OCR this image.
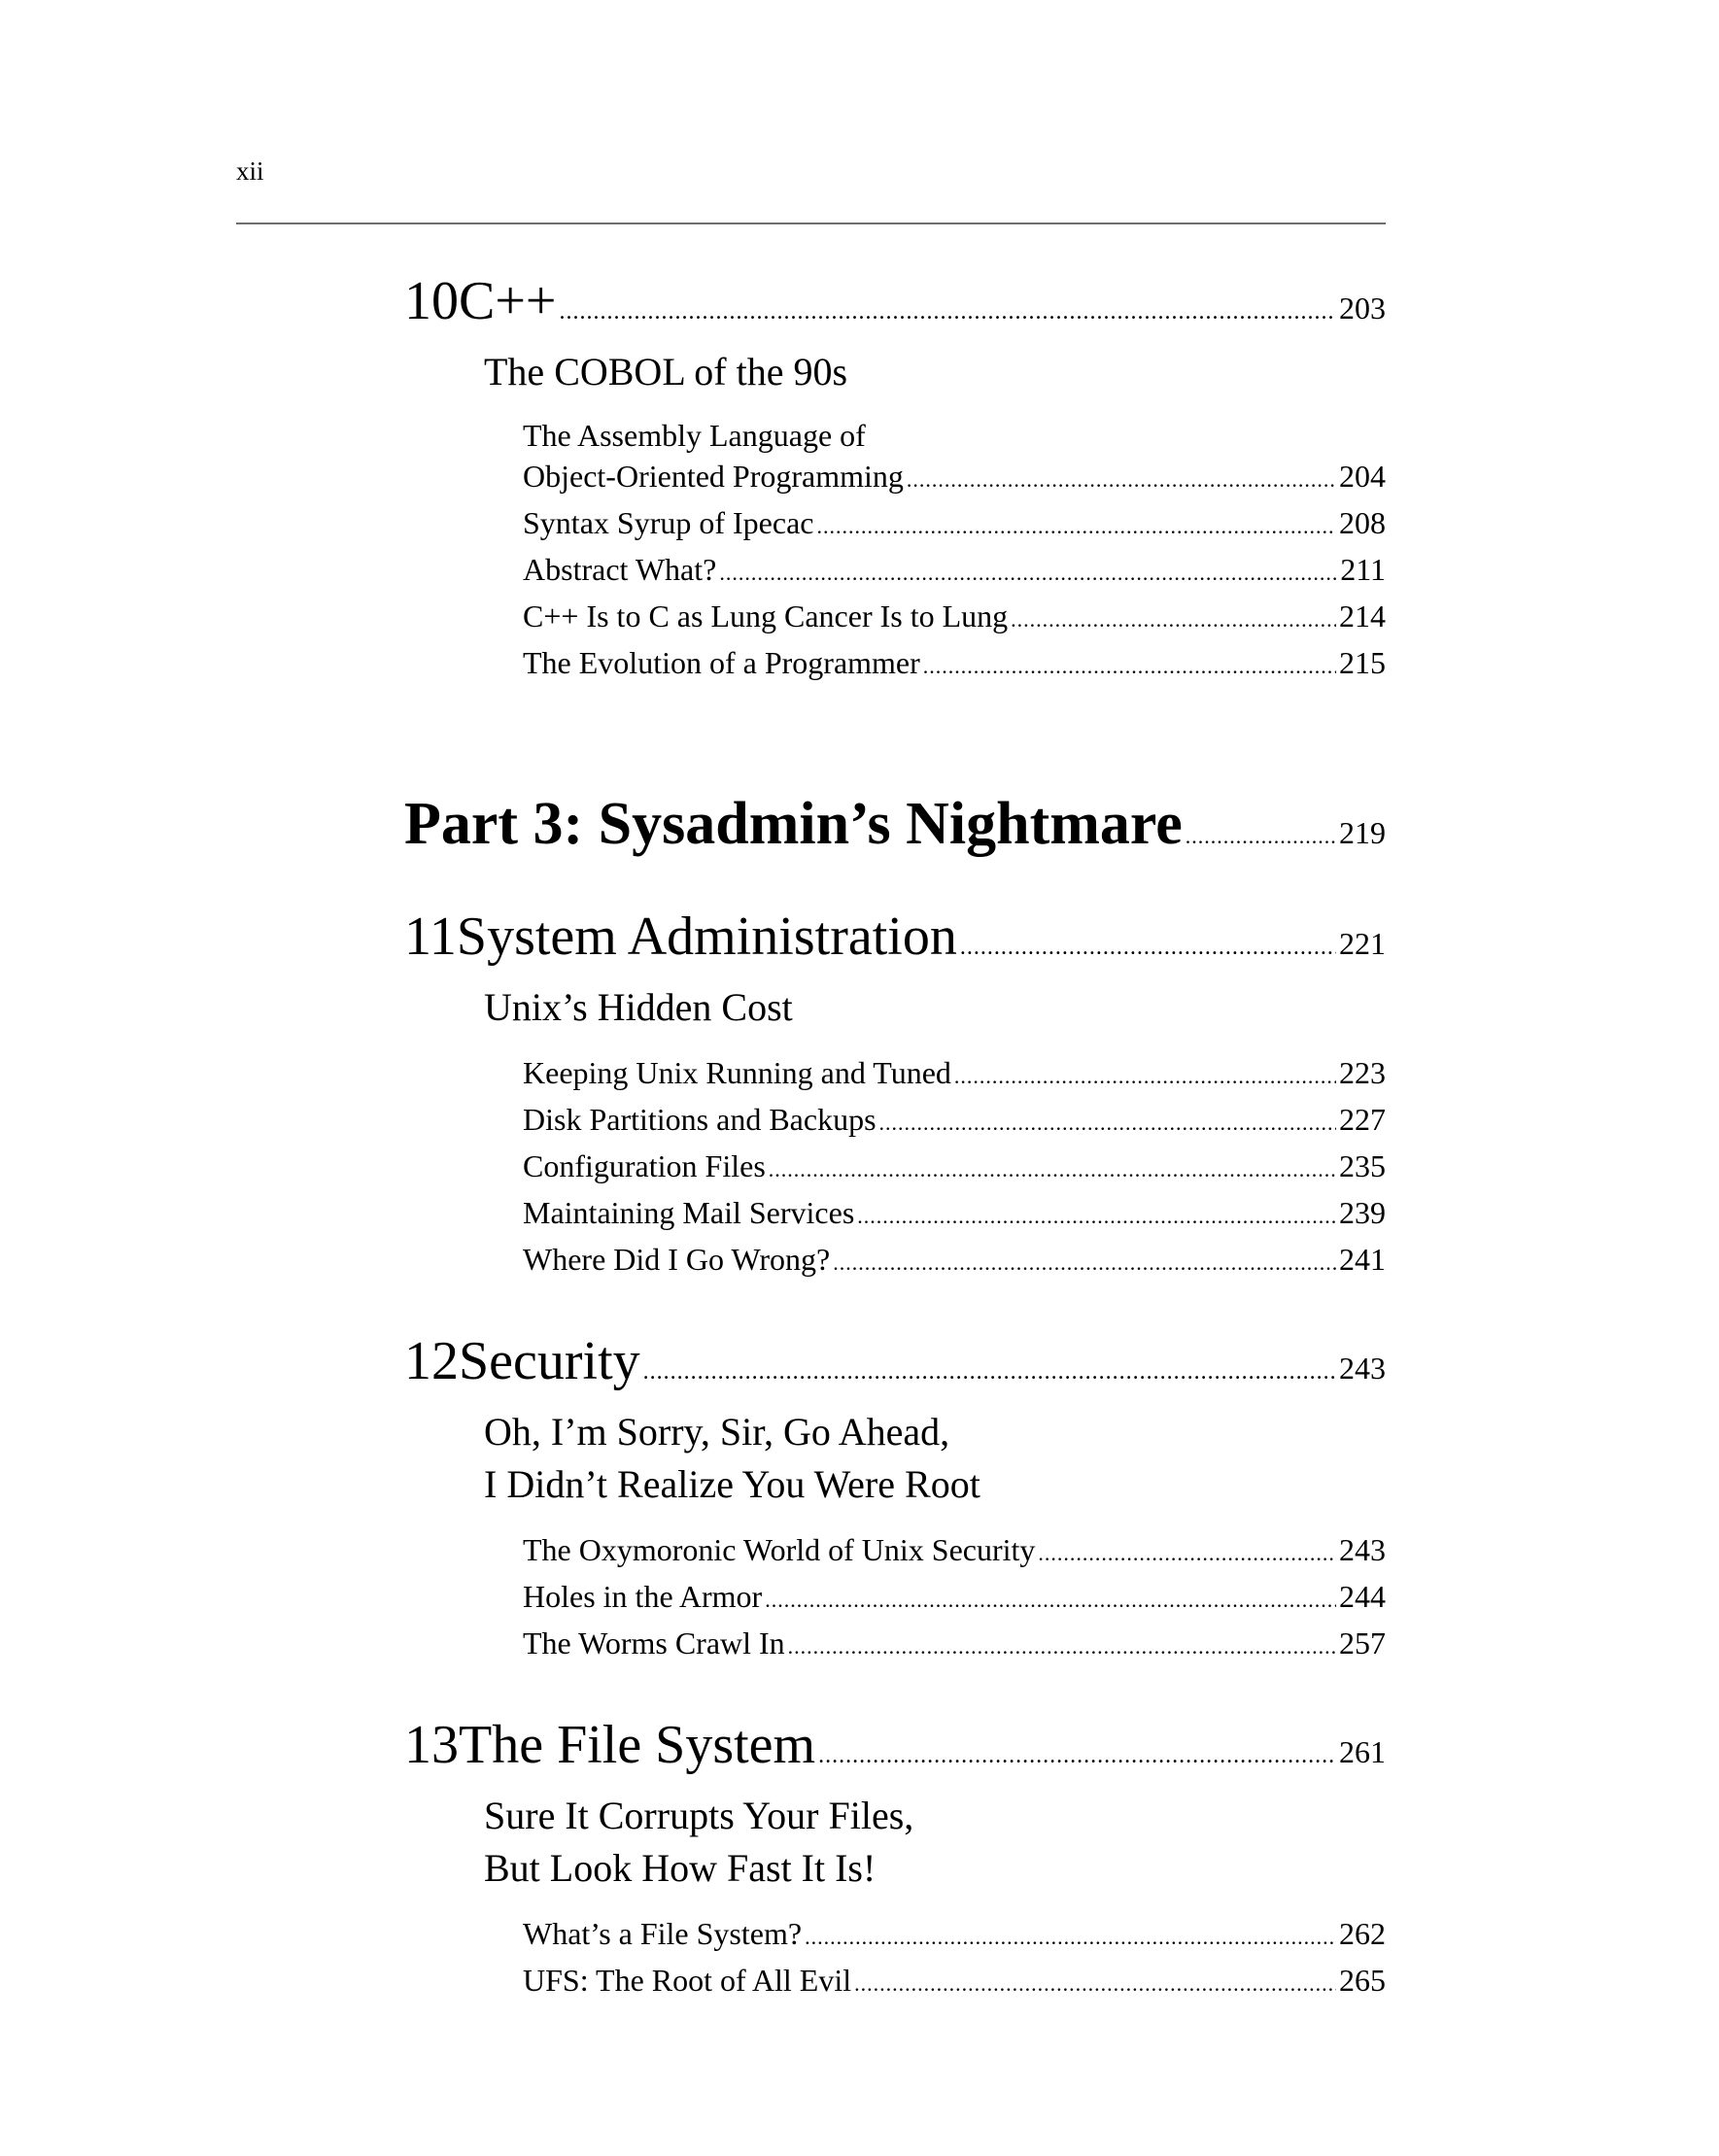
xii
10 C++ .....	203
The COBOL of the 90s
The Assembly Language of
Object-Oriented Programming .....	204
Syntax Syrup of Ipecac .....	208
Abstract What? .....	211
C++ Is to C as Lung Cancer Is to Lung .....	214
The Evolution of a Programmer .....	215
Part 3: Sysadmin’s Nightmare .....	219
11 System Administration .....	221
Unix’s Hidden Cost
Keeping Unix Running and Tuned .....	223
Disk Partitions and Backups .....	227
Configuration Files .....	235
Maintaining Mail Services .....	239
Where Did I Go Wrong? .....	241
12 Security .....	243
Oh, I’m Sorry, Sir, Go Ahead,
I Didn’t Realize You Were Root
The Oxymoronic World of Unix Security .....	243
Holes in the Armor .....	244
The Worms Crawl In .....	257
13 The File System .....	261
Sure It Corrupts Your Files,
But Look How Fast It Is!
What’s a File System? .....	262
UFS: The Root of All Evil .....	265
